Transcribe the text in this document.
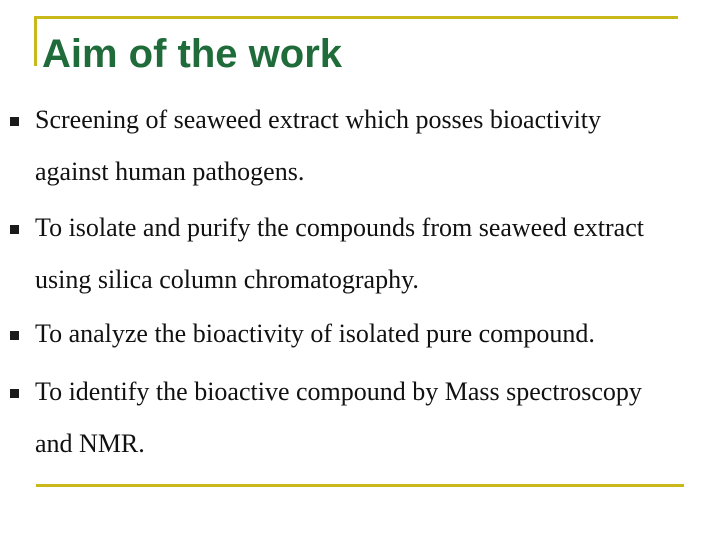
Aim of the work

Screening of seaweed extract which posses bioactivity
against human pathogens.

To isolate and purify the compounds from seaweed extract
using silica column chromatography.

To analyze the bioactivity of isolated pure compound.

To identify the bioactive compound by Mass spectroscopy
and NMR.
